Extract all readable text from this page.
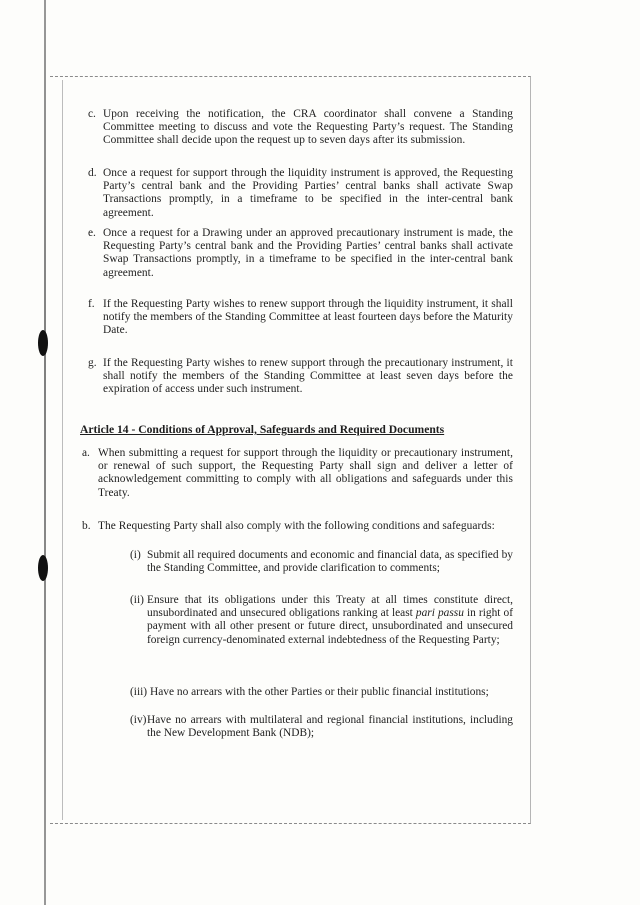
c. Upon receiving the notification, the CRA coordinator shall convene a Standing Committee meeting to discuss and vote the Requesting Party’s request. The Standing Committee shall decide upon the request up to seven days after its submission.
d. Once a request for support through the liquidity instrument is approved, the Requesting Party’s central bank and the Providing Parties’ central banks shall activate Swap Transactions promptly, in a timeframe to be specified in the inter-central bank agreement.
e. Once a request for a Drawing under an approved precautionary instrument is made, the Requesting Party’s central bank and the Providing Parties’ central banks shall activate Swap Transactions promptly, in a timeframe to be specified in the inter-central bank agreement.
f. If the Requesting Party wishes to renew support through the liquidity instrument, it shall notify the members of the Standing Committee at least fourteen days before the Maturity Date.
g. If the Requesting Party wishes to renew support through the precautionary instrument, it shall notify the members of the Standing Committee at least seven days before the expiration of access under such instrument.
Article 14 - Conditions of Approval, Safeguards and Required Documents
a. When submitting a request for support through the liquidity or precautionary instrument, or renewal of such support, the Requesting Party shall sign and deliver a letter of acknowledgement committing to comply with all obligations and safeguards under this Treaty.
b. The Requesting Party shall also comply with the following conditions and safeguards:
(i) Submit all required documents and economic and financial data, as specified by the Standing Committee, and provide clarification to comments;
(ii) Ensure that its obligations under this Treaty at all times constitute direct, unsubordinated and unsecured obligations ranking at least pari passu in right of payment with all other present or future direct, unsubordinated and unsecured foreign currency-denominated external indebtedness of the Requesting Party;
(iii) Have no arrears with the other Parties or their public financial institutions;
(iv) Have no arrears with multilateral and regional financial institutions, including the New Development Bank (NDB);
